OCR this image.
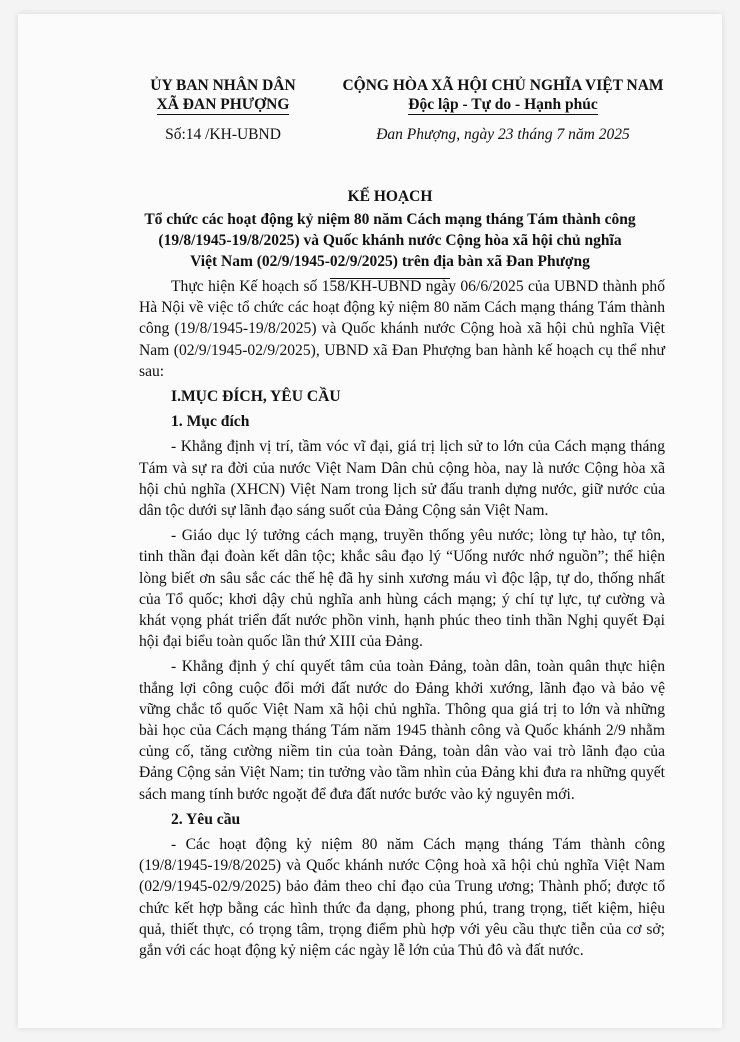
ỦY BAN NHÂN DÂN
XÃ ĐAN PHƯỢNG
Số:14 /KH-UBND
CỘNG HÒA XÃ HỘI CHỦ NGHĨA VIỆT NAM
Độc lập - Tự do - Hạnh phúc
Đan Phượng, ngày 23 tháng 7 năm 2025
KẾ HOẠCH
Tổ chức các hoạt động kỷ niệm 80 năm Cách mạng tháng Tám thành công
(19/8/1945-19/8/2025) và Quốc khánh nước Cộng hòa xã hội chủ nghĩa
Việt Nam (02/9/1945-02/9/2025) trên địa bàn xã Đan Phượng

Thực hiện Kế hoạch số 158/KH-UBND ngày 06/6/2025 của UBND thành phố Hà Nội về việc tổ chức các hoạt động kỷ niệm 80 năm Cách mạng tháng Tám thành công (19/8/1945-19/8/2025) và Quốc khánh nước Cộng hoà xã hội chủ nghĩa Việt Nam (02/9/1945-02/9/2025), UBND xã Đan Phượng ban hành kế hoạch cụ thể như sau:

I.MỤC ĐÍCH, YÊU CẦU
1. Mục đích

- Khẳng định vị trí, tầm vóc vĩ đại, giá trị lịch sử to lớn của Cách mạng tháng Tám và sự ra đời của nước Việt Nam Dân chủ cộng hòa, nay là nước Cộng hòa xã hội chủ nghĩa (XHCN) Việt Nam trong lịch sử đấu tranh dựng nước, giữ nước của dân tộc dưới sự lãnh đạo sáng suốt của Đảng Cộng sản Việt Nam.

- Giáo dục lý tưởng cách mạng, truyền thống yêu nước; lòng tự hào, tự tôn, tinh thần đại đoàn kết dân tộc; khắc sâu đạo lý “Uống nước nhớ nguồn”; thể hiện lòng biết ơn sâu sắc các thế hệ đã hy sinh xương máu vì độc lập, tự do, thống nhất của Tổ quốc; khơi dậy chủ nghĩa anh hùng cách mạng; ý chí tự lực, tự cường và khát vọng phát triển đất nước phồn vinh, hạnh phúc theo tinh thần Nghị quyết Đại hội đại biểu toàn quốc lần thứ XIII của Đảng.

- Khẳng định ý chí quyết tâm của toàn Đảng, toàn dân, toàn quân thực hiện thắng lợi công cuộc đổi mới đất nước do Đảng khởi xướng, lãnh đạo và bảo vệ vững chắc tổ quốc Việt Nam xã hội chủ nghĩa. Thông qua giá trị to lớn và những bài học của Cách mạng tháng Tám năm 1945 thành công và Quốc khánh 2/9 nhằm củng cố, tăng cường niềm tin của toàn Đảng, toàn dân vào vai trò lãnh đạo của Đảng Cộng sản Việt Nam; tin tưởng vào tầm nhìn của Đảng khi đưa ra những quyết sách mang tính bước ngoặt để đưa đất nước bước vào kỷ nguyên mới.

2. Yêu cầu

- Các hoạt động kỷ niệm 80 năm Cách mạng tháng Tám thành công (19/8/1945-19/8/2025) và Quốc khánh nước Cộng hoà xã hội chủ nghĩa Việt Nam (02/9/1945-02/9/2025) bảo đảm theo chỉ đạo của Trung ương; Thành phố; được tổ chức kết hợp bằng các hình thức đa dạng, phong phú, trang trọng, tiết kiệm, hiệu quả, thiết thực, có trọng tâm, trọng điểm phù hợp với yêu cầu thực tiễn của cơ sở; gắn với các hoạt động kỷ niệm các ngày lễ lớn của Thủ đô và đất nước.
